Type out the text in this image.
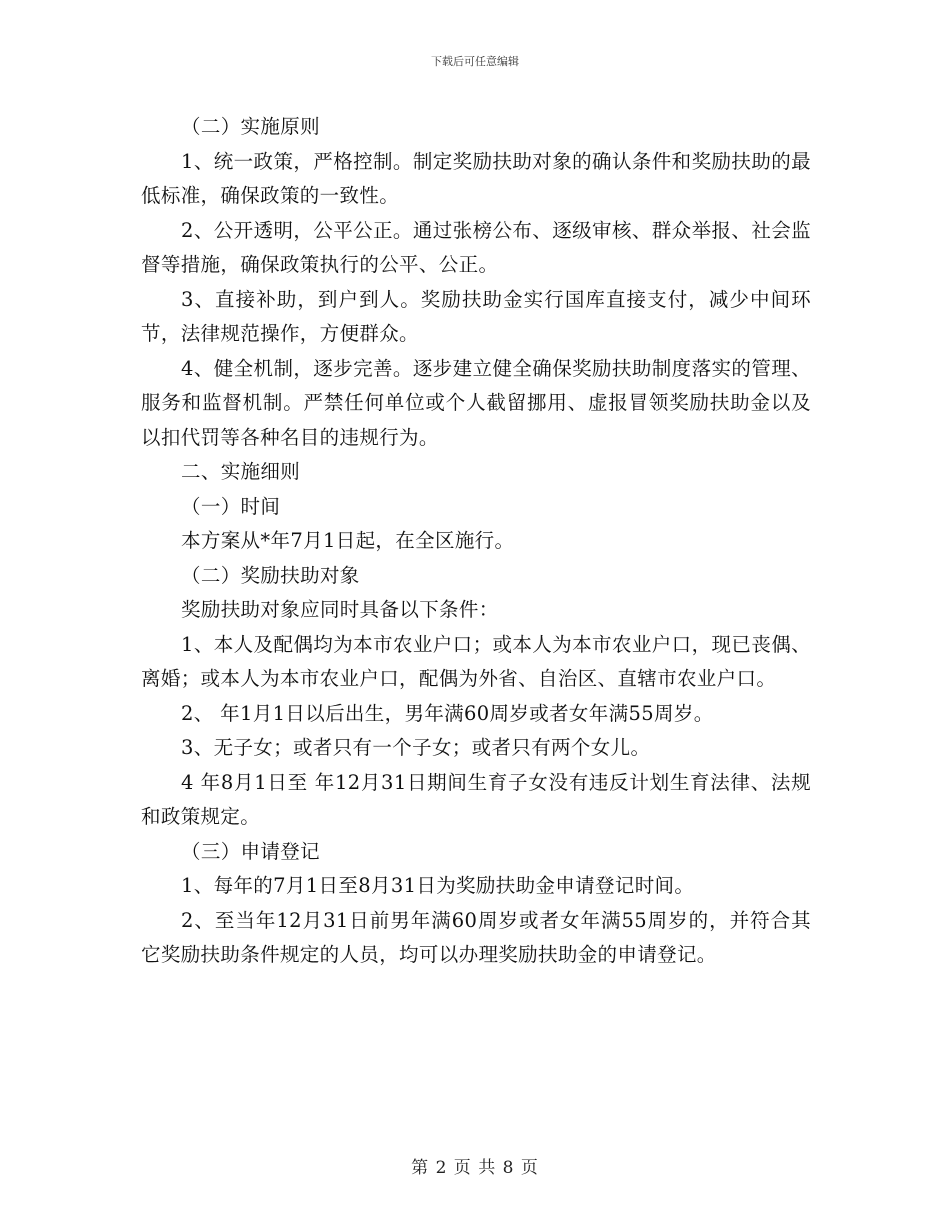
下载后可任意编辑

（二）实施原则

1、统一政策，严格控制。制定奖励扶助对象的确认条件和奖励扶助的最低标准，确保政策的一致性。

2、公开透明，公平公正。通过张榜公布、逐级审核、群众举报、社会监督等措施，确保政策执行的公平、公正。

3、直接补助，到户到人。奖励扶助金实行国库直接支付，减少中间环节，法律规范操作，方便群众。

4、健全机制，逐步完善。逐步建立健全确保奖励扶助制度落实的管理、服务和监督机制。严禁任何单位或个人截留挪用、虚报冒领奖励扶助金以及以扣代罚等各种名目的违规行为。

二、实施细则

（一）时间

本方案从*年7月1日起，在全区施行。

（二）奖励扶助对象

奖励扶助对象应同时具备以下条件：

1、本人及配偶均为本市农业户口；或本人为本市农业户口，现已丧偶、离婚；或本人为本市农业户口，配偶为外省、自治区、直辖市农业户口。

2、 年1月1日以后出生，男年满60周岁或者女年满55周岁。

3、无子女；或者只有一个子女；或者只有两个女儿。

4 年8月1日至 年12月31日期间生育子女没有违反计划生育法律、法规和政策规定。

（三）申请登记

1、每年的7月1日至8月31日为奖励扶助金申请登记时间。

2、至当年12月31日前男年满60周岁或者女年满55周岁的，并符合其它奖励扶助条件规定的人员，均可以办理奖励扶助金的申请登记。

第 2 页 共 8 页
